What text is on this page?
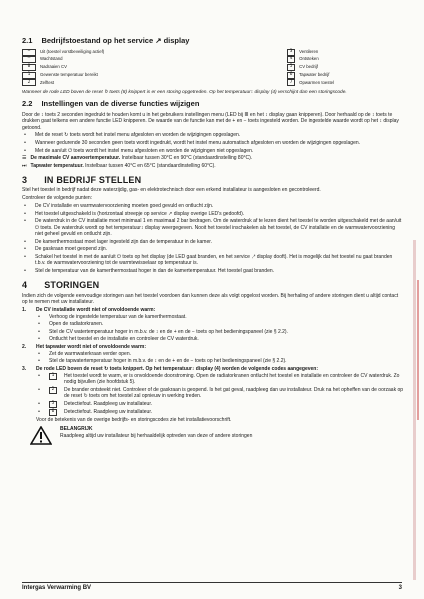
2.1 Bedrijfstoestand op het service ↗ display
−	Uit (toestel vorstbeveiliging actief)
–	Wachtstand
0	Nadraaien CV
1	Gewenste temperatuur bereikt
2	Zelftest
3	Ventileren
4	Ontsteken
5	CV bedrijf
6	Tapwater bedrijf
7	Opwarmen toestel
Wanneer de rode LED boven de reset ↻ toets (8) knippert is er een storing opgetreden. Op het temperatuur↕ display (4) verschijnt dan een storingscode.
2.2 Instellingen van de diverse functies wijzigen

Door de ↕ toets 2 seconden ingedrukt te houden komt u in het gebruikers instellingen menu (LED bij ≣ en het ↕ display gaan knipperen). Door herhaald op de ↕ toets te drukken gaat telkens een andere functie LED knipperen. De waarde van de functie kan met de + en − toets ingesteld worden. De ingestelde waarde wordt op het ↕ display getoond.

•	Met de reset ↻ toets wordt het instel menu afgesloten en worden de wijzigingen opgeslagen.
•	Wanneer gedurende 30 seconden geen toets wordt ingedrukt, wordt het instel menu automatisch afgesloten en worden de wijzigingen opgeslagen.
•	Met de aan/uit ⏻ toets wordt het instel menu afgesloten en worden de wijzigingen niet opgeslagen.
☰ De maximale CV aanvoertemperatuur. Instelbaar tussen 30°C en 90°C (standaardinstelling 80°C).
⏭ Tapwater temperatuur. Instelbaar tussen 40°C en 65°C (standaardinstelling 60°C).
3 IN BEDRIJF STELLEN

Stel het toestel in bedrijf nadat deze waterzijdig, gas- en elektrotechnisch door een erkend installateur is aangesloten en gecontroleerd.

Controleer de volgende punten:

•	De CV installatie en warmwatervoorziening moeten goed gevuld en ontlucht zijn.
•	Het toestel uitgeschakeld is (horizontaal streepje op service ↗ display overige LED's gedoofd).
•	De waterdruk in de CV installatie moet minimaal 1 en maximaal 2 bar bedragen. Om de waterdruk af te lezen dient het toestel te worden uitgeschakeld met de aan/uit ⏻ toets. De waterdruk wordt op het temperatuur↕ display weergegeven. Nooit het toestel inschakelen als het toestel, de CV installatie en de warmwatervoorziening niet geheel gevuld en ontlucht zijn.
•	De kamerthermostaat moet lager ingesteld zijn dan de temperatuur in de kamer.
•	De gaskraan moet geopend zijn.
•	Schakel het toestel in met de aan/uit ⏻ toets op het display (de LED gaat branden, en het service ↗ display dooft). Het is mogelijk dat het toestel nu gaat branden t.b.v. de warmwatervoorziening tot de warmtewisselaar op temperatuur is.
•	Stel de temperatuur van de kamerthermostaat hoger in dan de kamertemperatuur. Het toestel gaat branden.
4 STORINGEN

Indien zich de volgende eenvoudige storingen aan het toestel voordoen dan kunnen deze als volgt opgelost worden. Bij herhaling of andere storingen dient u altijd contact op te nemen met uw installateur.

1.	De CV installatie wordt niet of onvoldoende warm:
•	Verhoog de ingestelde temperatuur van de kamerthermostaat.
•	Open de radiatorkranen.
•	Stel de CV watertemperatuur hoger in m.b.v. de ↕ en de + en de − toets op het bedieningspaneel (zie § 2.2).
•	Ontlucht het toestel en de installatie en controleer de CV waterdruk.
2.	Het tapwater wordt niet of onvoldoende warm:
•	Zet de warmwaterkraan verder open.
•	Stel de tapwatertemperatuur hoger in m.b.v. de ↕ en de + en de − toets op het bedieningspaneel (zie § 2.2).
3.	De rode LED boven de reset ↻ toets knippert. Op het temperatuur↕ display (4) worden de volgende codes aangegeven:
•	1	Het toestel wordt te warm, er is onvoldoende doorstroming. Open de radiatorkranen ontlucht het toestel en installatie en controleer de CV waterdruk. Zo nodig bijvullen (zie hoofdstuk 5).
•	2	De brander ontsteekt niet. Controleer of de gaskraan is geopend. Is het gat geval, raadpleeg dan uw installateur. Druk na het opheffen van de oorzaak op de reset ↻ toets om het toestel zal opnieuw in werking treden.
•	5	Detectiefout. Raadpleeg uw installateur.
•	6	Detectiefout. Raadpleeg uw installateur.

Voor de betekenis van de overige bedrijfs- en storingscodes zie het installatievoorschrift.

BELANGRIJK
Raadpleeg altijd uw installateur bij herhaaldelijk optreden van deze of andere storingen
Intergas Verwarming BV	3
